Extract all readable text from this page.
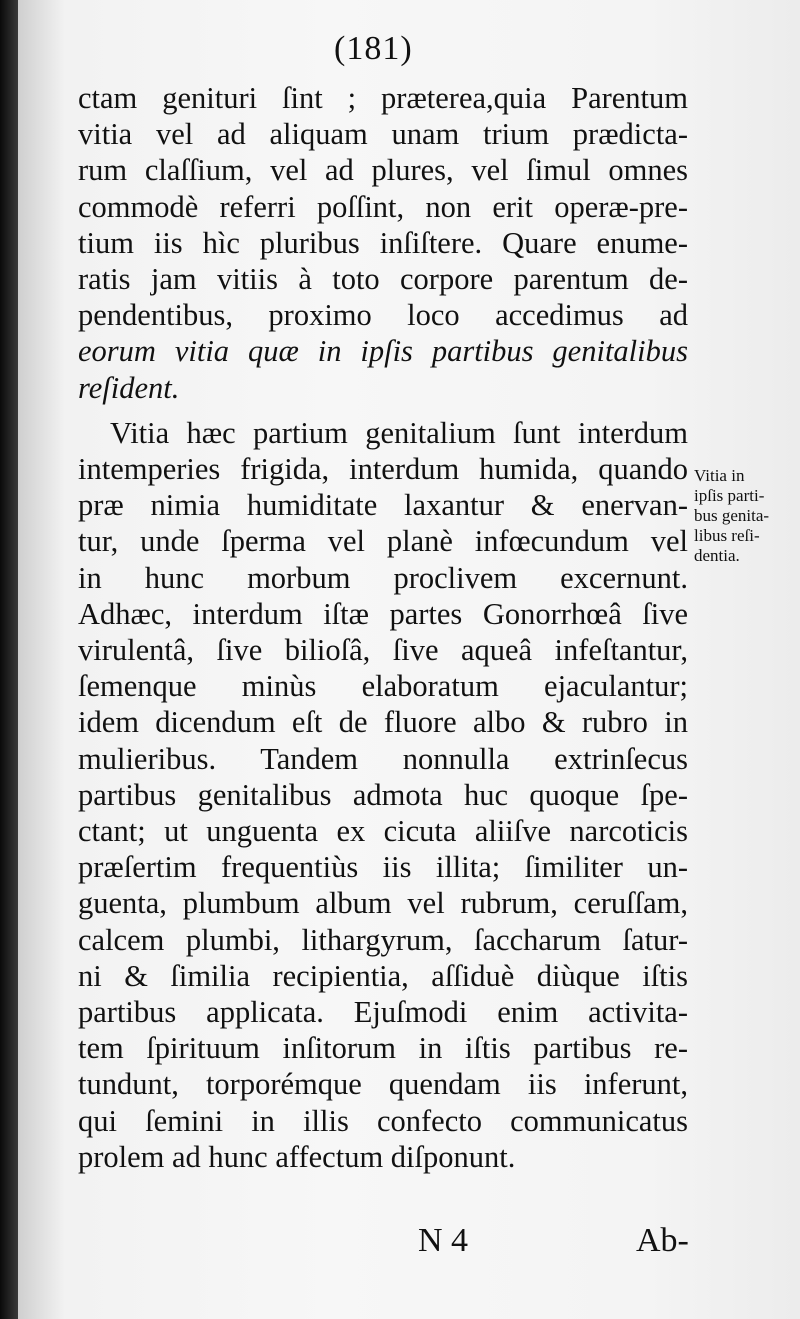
(181)
ctam genituri ſint ; præterea,quia Parentum
vitia vel ad aliquam unam trium prædicta-
rum claſſium, vel ad plures, vel ſimul omnes
commodè referri poſſint, non erit operæ-pre-
tium iis hìc pluribus inſiſtere. Quare enume-
ratis jam vitiis à toto corpore parentum de-
pendentibus, proximo loco accedimus ad
eorum vitia quæ in ipſis partibus genitalibus
reſident.
Vitia hæc partium genitalium ſunt interdum
intemperies frigida, interdum humida, quando
præ nimia humiditate laxantur & enervan-
tur, unde ſperma vel planè infœcundum vel
in hunc morbum proclivem excernunt.
Adhæc, interdum iſtæ partes Gonorrhœâ ſive
virulentâ, ſive bilioſâ, ſive aqueâ infeſtantur,
ſemenque minùs elaboratum ejaculantur;
idem dicendum eſt de fluore albo & rubro in
mulieribus. Tandem nonnulla extrinſecus
partibus genitalibus admota huc quoque ſpe-
ctant; ut unguenta ex cicuta aliiſve narcoticis
præſertim frequentiùs iis illita; ſimiliter un-
guenta, plumbum album vel rubrum, ceruſſam,
calcem plumbi, lithargyrum, ſaccharum ſatur-
ni & ſimilia recipientia, aſſiduè diùque iſtis
partibus applicata. Ejuſmodi enim activita-
tem ſpirituum inſitorum in iſtis partibus re-
tundunt, torporémque quendam iis inferunt,
qui ſemini in illis confecto communicatus
prolem ad hunc affectum diſponunt.
Vitia in
ipſis parti-
bus genita-
libus reſi-
dentia.
N 4	Ab-
